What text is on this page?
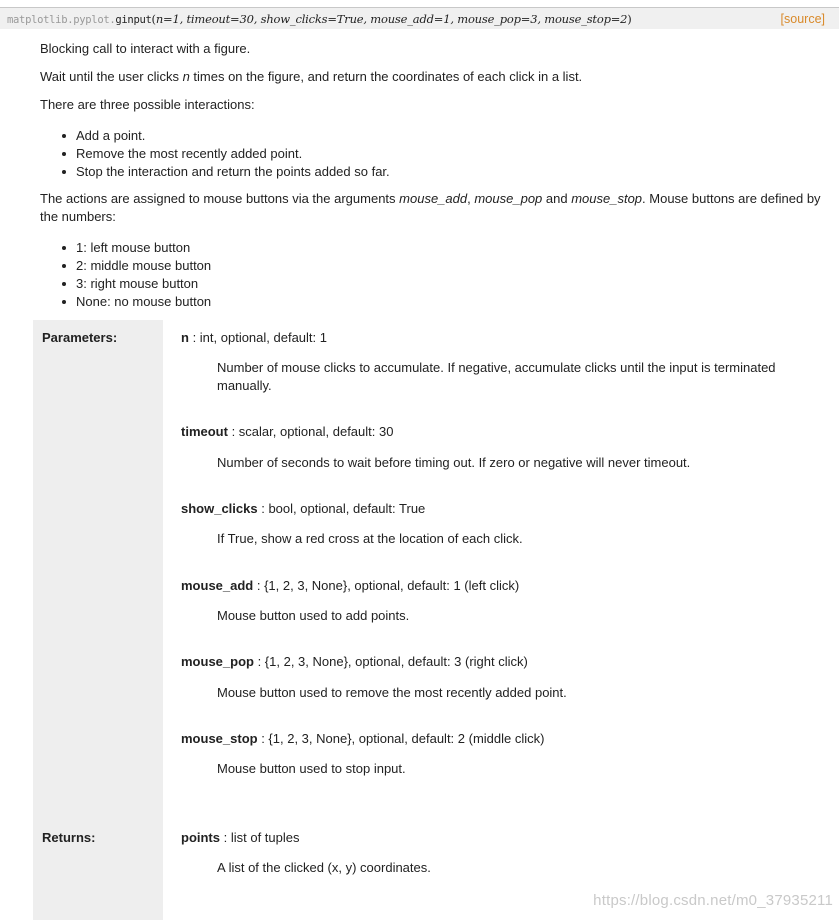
matplotlib.pyplot.ginput(n=1, timeout=30, show_clicks=True, mouse_add=1, mouse_pop=3, mouse_stop=2)	[source]

Blocking call to interact with a figure.

Wait until the user clicks n times on the figure, and return the coordinates of each click in a list.

There are three possible interactions:

Add a point.
Remove the most recently added point.
Stop the interaction and return the points added so far.

The actions are assigned to mouse buttons via the arguments mouse_add, mouse_pop and mouse_stop. Mouse buttons are defined by the numbers:

1: left mouse button
2: middle mouse button
3: right mouse button
None: no mouse button
Parameters:	n : int, optional, default: 1
Number of mouse clicks to accumulate. If negative, accumulate clicks until the input is terminated manually.
timeout : scalar, optional, default: 30
Number of seconds to wait before timing out. If zero or negative will never timeout.
show_clicks : bool, optional, default: True
If True, show a red cross at the location of each click.
mouse_add : {1, 2, 3, None}, optional, default: 1 (left click)
Mouse button used to add points.
mouse_pop : {1, 2, 3, None}, optional, default: 3 (right click)
Mouse button used to remove the most recently added point.
mouse_stop : {1, 2, 3, None}, optional, default: 2 (middle click)
Mouse button used to stop input.
Returns:	points : list of tuples
A list of the clicked (x, y) coordinates.
https://blog.csdn.net/m0_37935211
